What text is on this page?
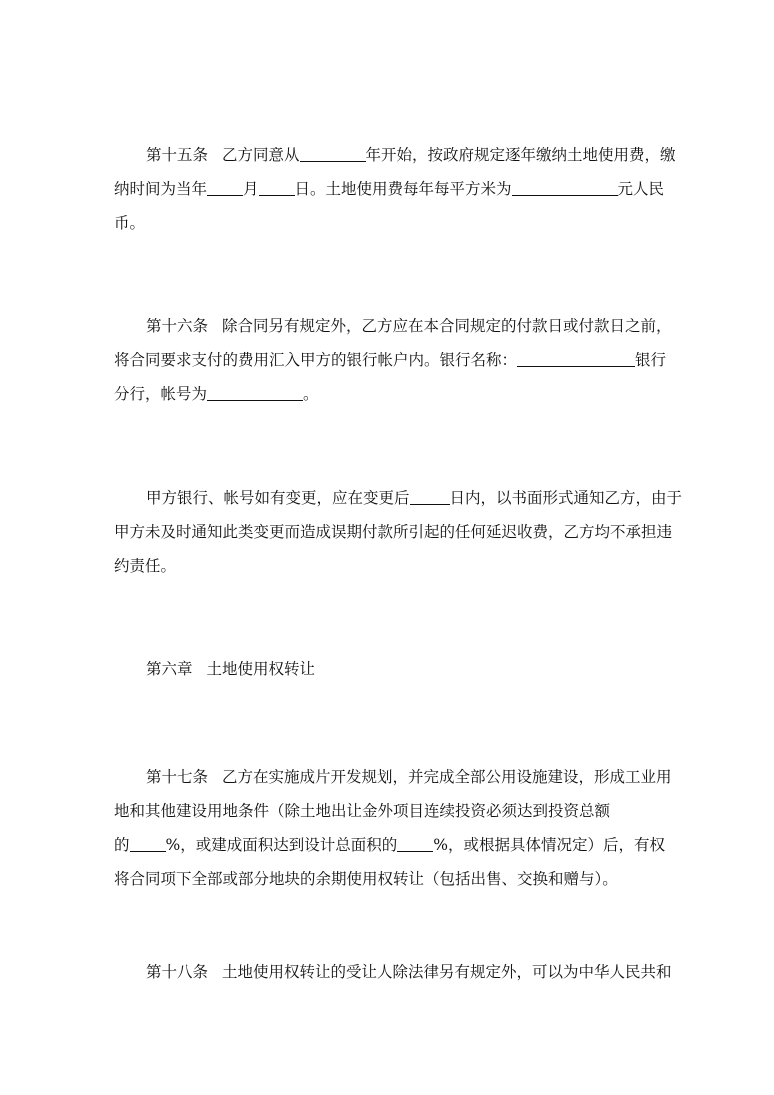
第十五条 乙方同意从	年开始，按政府规定逐年缴纳土地使用费，缴
纳时间为当年 月 日。土地使用费每年每平方米为	元人民
币。
第十六条 除合同另有规定外，乙方应在本合同规定的付款日或付款日之前，
将合同要求支付的费用汇入甲方的银行帐户内。银行名称：	银行
分行，帐号为	。
甲方银行、帐号如有变更，应在变更后	日内，以书面形式通知乙方，由于
甲方未及时通知此类变更而造成误期付款所引起的任何延迟收费，乙方均不承担违
约责任。
第六章 土地使用权转让
第十七条 乙方在实施成片开发规划，并完成全部公用设施建设，形成工业用
地和其他建设用地条件（除土地出让金外项目连续投资必须达到投资总额
的 %，或建成面积达到设计总面积的 %，或根据具体情况定）后，有权
将合同项下全部或部分地块的余期使用权转让（包括出售、交换和赠与）。
第十八条 土地使用权转让的受让人除法律另有规定外，可以为中华人民共和
